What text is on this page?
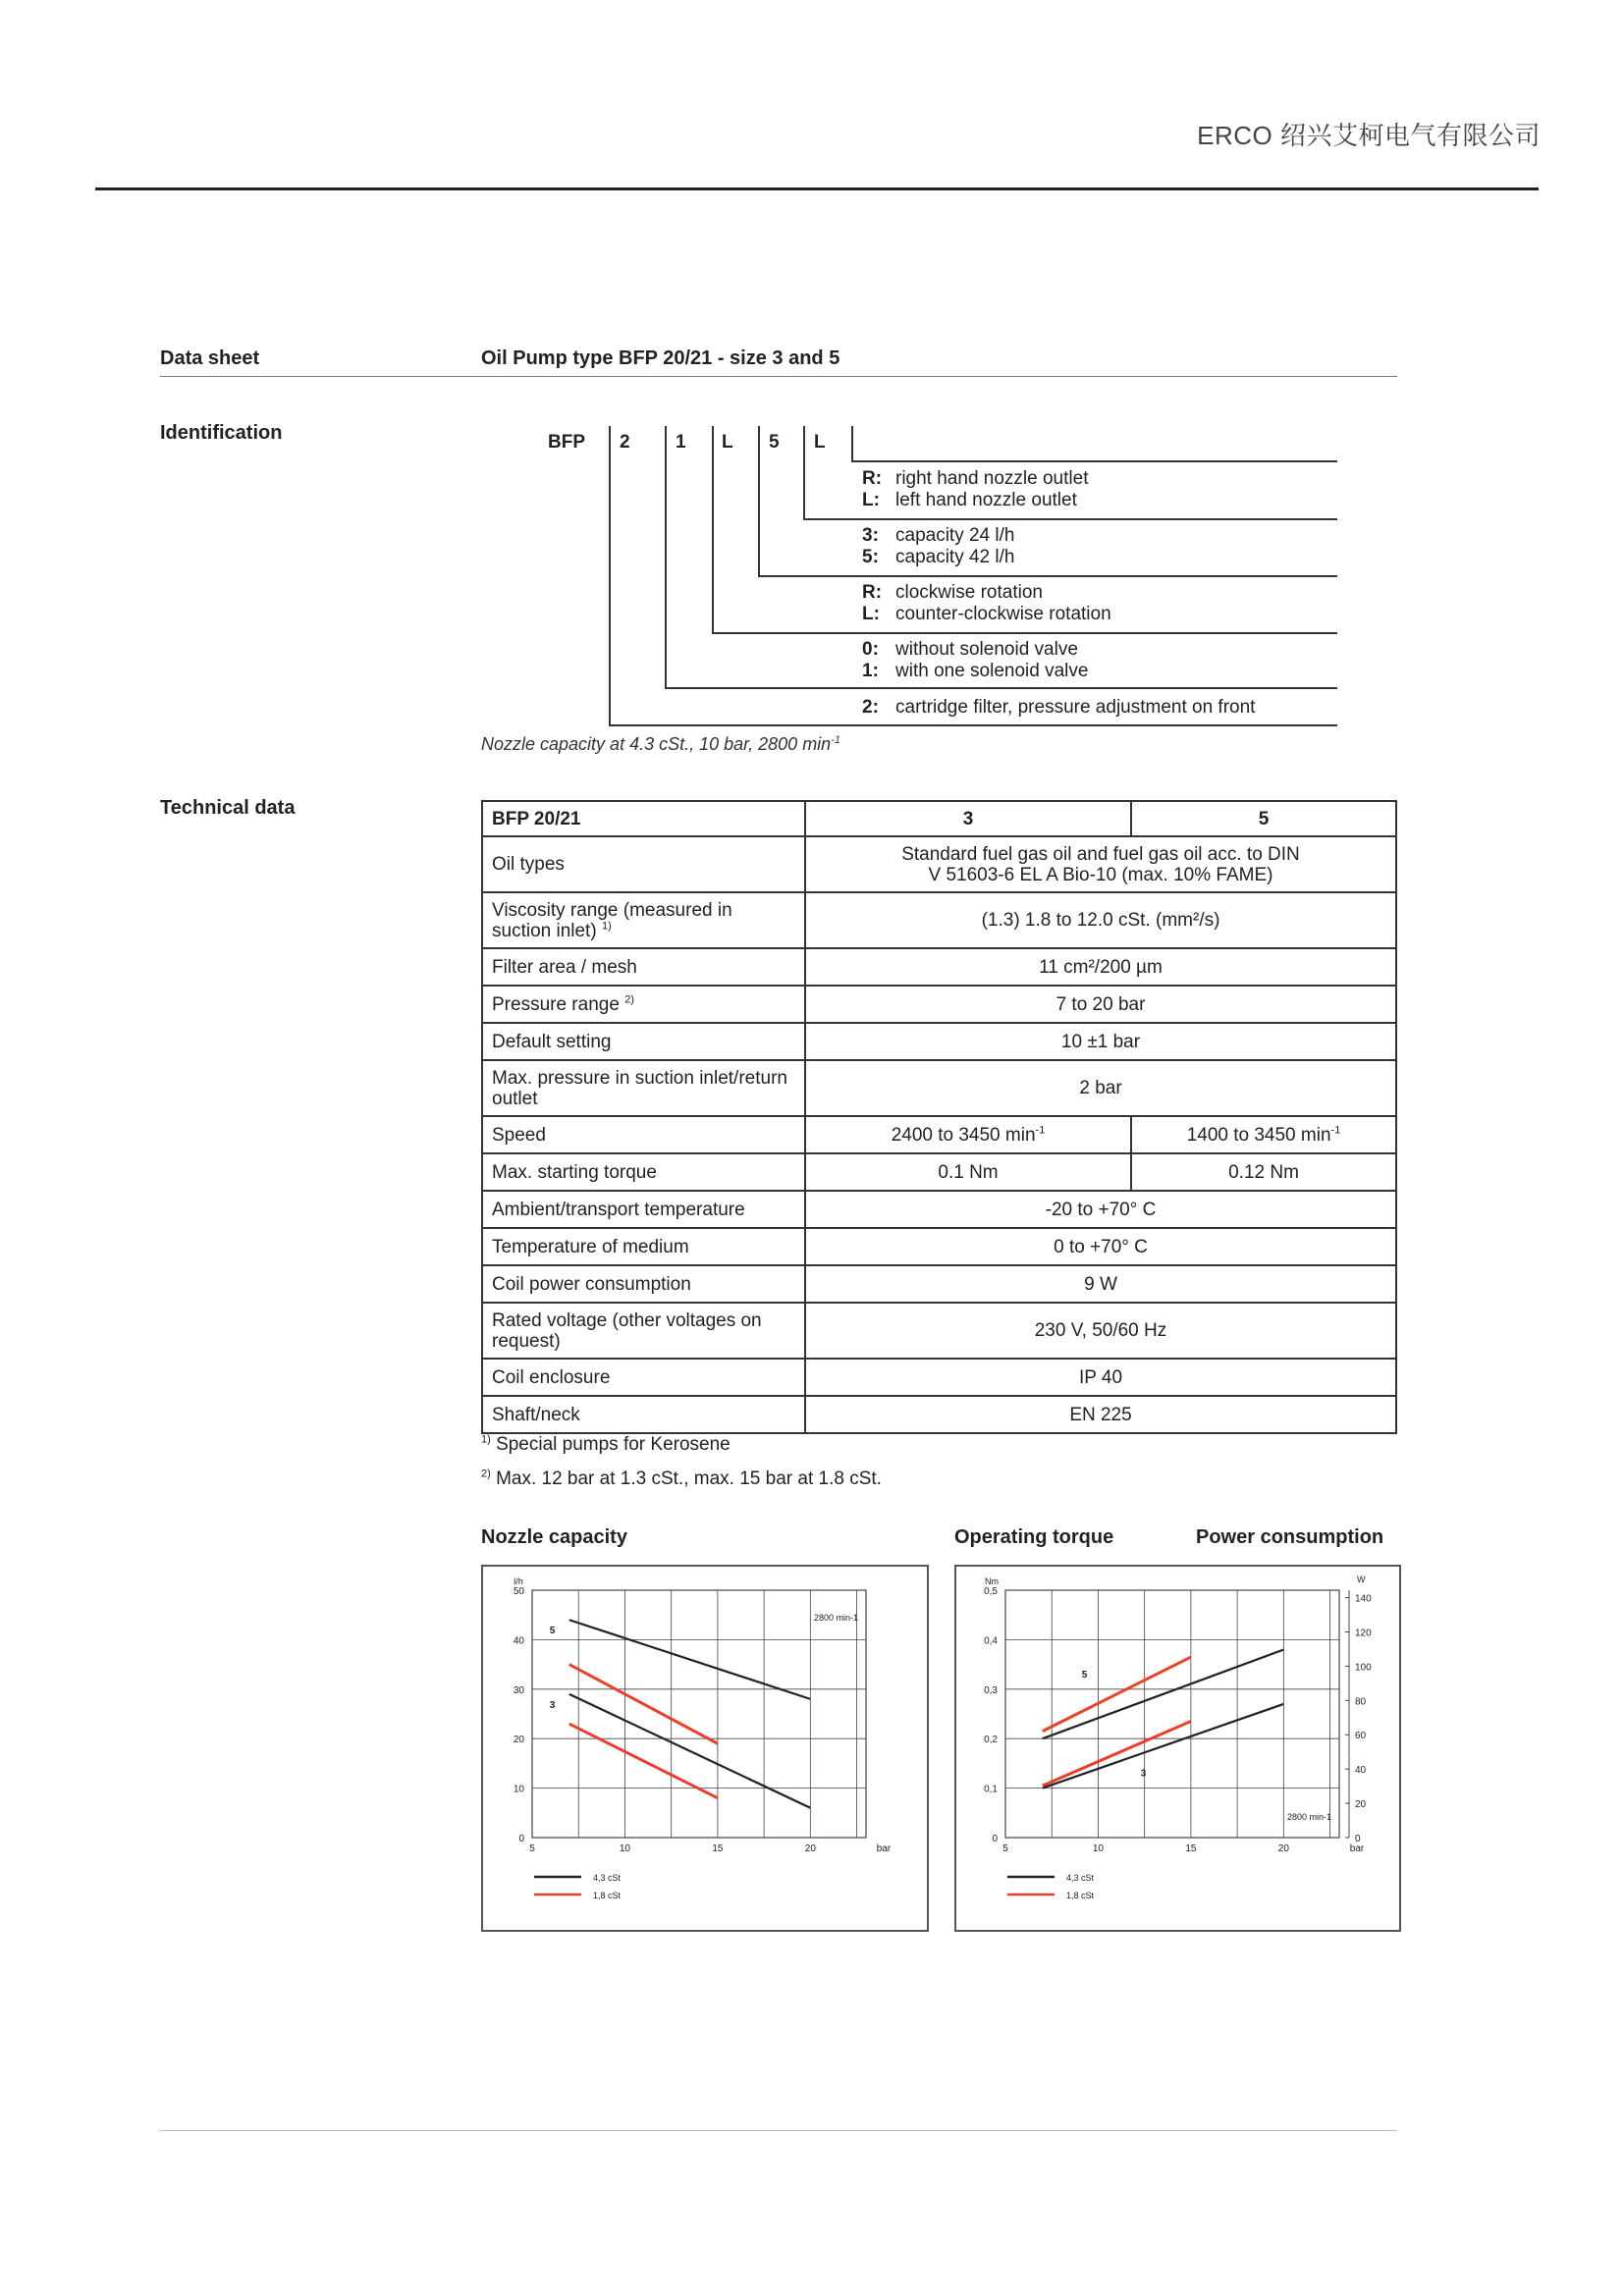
ERCO 绍兴艾柯电气有限公司
Data sheet	Oil Pump type BFP 20/21 - size 3 and 5
Identification	BFP 2 1 L 5 L
R: right hand nozzle outlet
L: left hand nozzle outlet
3: capacity 24 l/h
5: capacity 42 l/h
R: clockwise rotation
L: counter-clockwise rotation
0: without solenoid valve
1: with one solenoid valve
2: cartridge filter, pressure adjustment on front
Nozzle capacity at 4.3 cSt., 10 bar, 2800 $\min^{-1}$
Technical data	BFP 20/21	3	5
Oil types	Standard fuel gas oil and fuel gas oil acc. to DIN V 51603-6 EL A Bio-10 (max. 10% FAME)	
Viscosity range (measured in suction inlet) $^{1)}$	(1.3) 1.8 to 12.0 cSt. (mm²/s)	
Filter area / mesh	11 cm²/200 µm	
Pressure range $^{2)}$	7 to 20 bar	
Default setting	10 ±1 bar	
Max. pressure in suction inlet/return outlet	2 bar	
Speed	2400 to 3450 $\min^{-1}$	1400 to 3450 $\min^{-1}$
Max. starting torque	0.1 Nm	0.12 Nm
Ambient/transport temperature	-20 to +70° C	
Temperature of medium	0 to +70° C	
Coil power consumption	9 W	
Rated voltage (other voltages on request)	230 V, 50/60 Hz	
Coil enclosure	IP 40	
Shaft/neck	EN 225	
$^{1)}$ Special pumps for Kerosene
$^{2)}$ Max. 12 bar at 1.3 cSt., max. 15 bar at 1.8 cSt.
Nozzle capacity	Operating torque	Power consumption
5	10	15	20	bar
0
10
20
30
40
50
l/h
2800 min-1
5
3
4,3 cSt
1,8 cSt
5	10	15	20	bar
0
0,1
0,2
0,3
0,4
0,5
Nm
0
20
40
60
80
100
120
140
W
2800 min-1
5
3
4,3 cSt
1,8 cSt
